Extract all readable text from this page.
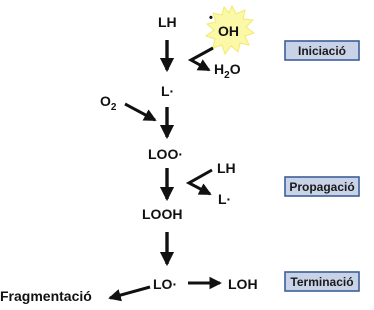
LH	•
OH
$H_2O$
L·
$O_2$
LOO·
LH
L·
LOOH
LO·	LOH
Fragmentació
Iniciació
Propagació
Terminació
